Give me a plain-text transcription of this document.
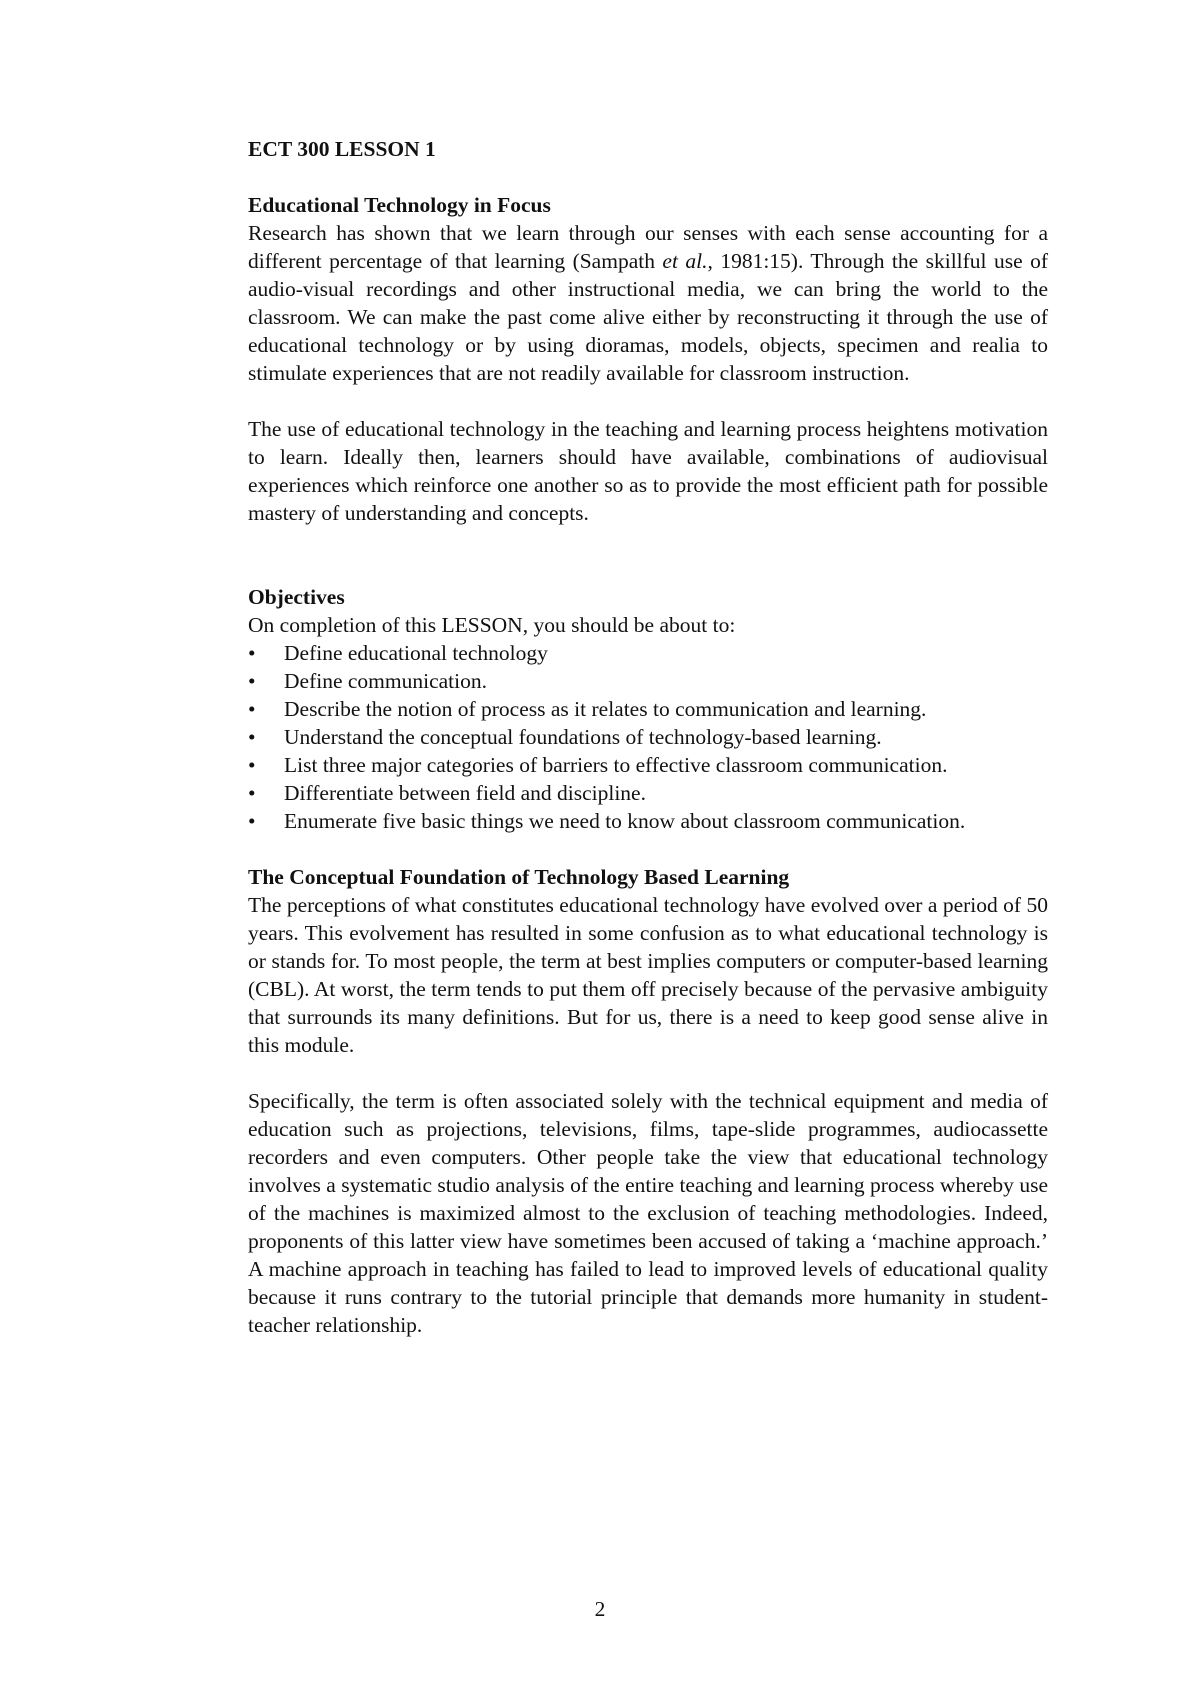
ECT 300 LESSON 1

Educational Technology in Focus

Research has shown that we learn through our senses with each sense accounting for a different percentage of that learning (Sampath et al., 1981:15). Through the skillful use of audio-visual recordings and other instructional media, we can bring the world to the classroom. We can make the past come alive either by reconstructing it through the use of educational technology or by using dioramas, models, objects, specimen and realia to stimulate experiences that are not readily available for classroom instruction.

The use of educational technology in the teaching and learning process heightens motivation to learn. Ideally then, learners should have available, combinations of audiovisual experiences which reinforce one another so as to provide the most efficient path for possible mastery of understanding and concepts.

Objectives

On completion of this LESSON, you should be about to:

• Define educational technology
• Define communication.
• Describe the notion of process as it relates to communication and learning.
• Understand the conceptual foundations of technology-based learning.
• List three major categories of barriers to effective classroom communication.
• Differentiate between field and discipline.
• Enumerate five basic things we need to know about classroom communication.

The Conceptual Foundation of Technology Based Learning

The perceptions of what constitutes educational technology have evolved over a period of 50 years. This evolvement has resulted in some confusion as to what educational technology is or stands for. To most people, the term at best implies computers or computer-based learning (CBL). At worst, the term tends to put them off precisely because of the pervasive ambiguity that surrounds its many definitions. But for us, there is a need to keep good sense alive in this module.

Specifically, the term is often associated solely with the technical equipment and media of education such as projections, televisions, films, tape-slide programmes, audiocassette recorders and even computers. Other people take the view that educational technology involves a systematic studio analysis of the entire teaching and learning process whereby use of the machines is maximized almost to the exclusion of teaching methodologies. Indeed, proponents of this latter view have sometimes been accused of taking a ‘machine approach.’ A machine approach in teaching has failed to lead to improved levels of educational quality because it runs contrary to the tutorial principle that demands more humanity in student-teacher relationship.

2
